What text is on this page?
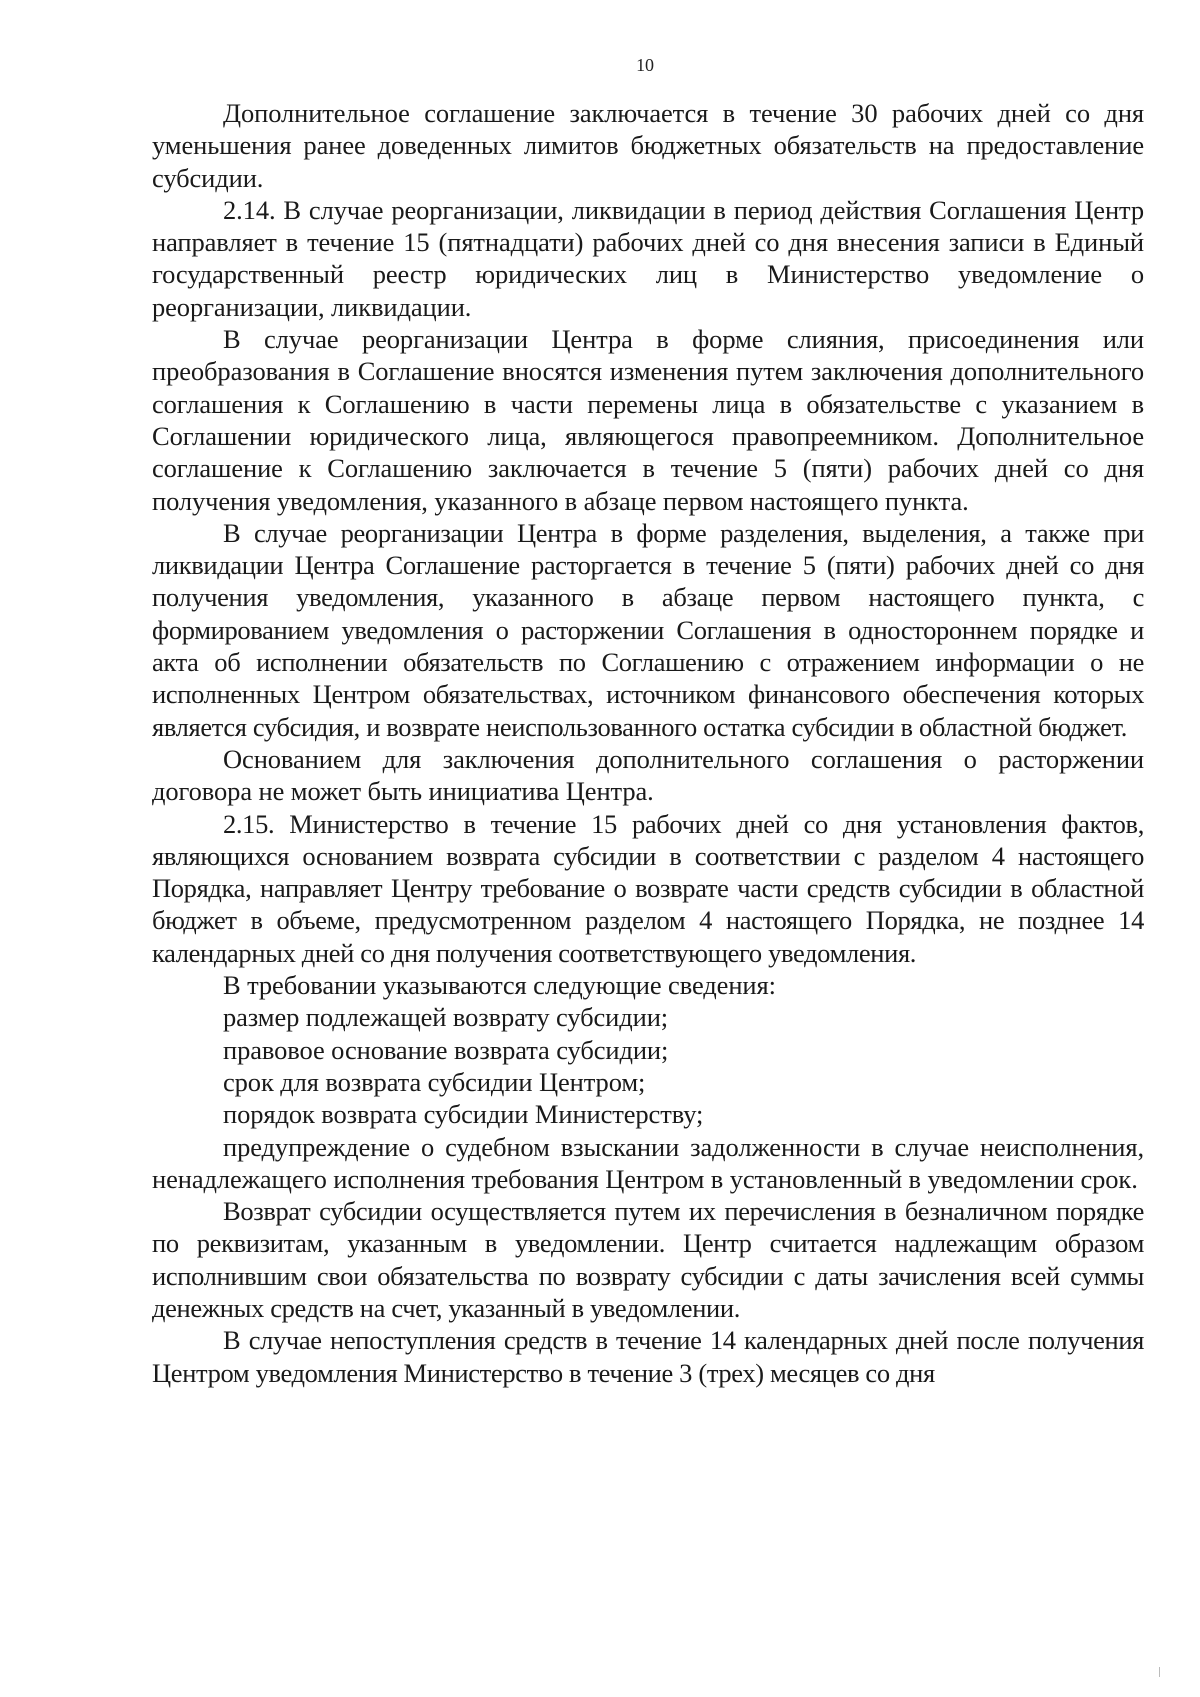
10

Дополнительное соглашение заключается в течение 30 рабочих дней со дня уменьшения ранее доведенных лимитов бюджетных обязательств на предоставление субсидии.

2.14. В случае реорганизации, ликвидации в период действия Соглашения Центр направляет в течение 15 (пятнадцати) рабочих дней со дня внесения записи в Единый государственный реестр юридических лиц в Министерство уведомление о реорганизации, ликвидации.

В случае реорганизации Центра в форме слияния, присоединения или преобразования в Соглашение вносятся изменения путем заключения дополнительного соглашения к Соглашению в части перемены лица в обязательстве с указанием в Соглашении юридического лица, являющегося правопреемником. Дополнительное соглашение к Соглашению заключается в течение 5 (пяти) рабочих дней со дня получения уведомления, указанного в абзаце первом настоящего пункта.

В случае реорганизации Центра в форме разделения, выделения, а также при ликвидации Центра Соглашение расторгается в течение 5 (пяти) рабочих дней со дня получения уведомления, указанного в абзаце первом настоящего пункта, с формированием уведомления о расторжении Соглашения в одностороннем порядке и акта об исполнении обязательств по Соглашению с отражением информации о не исполненных Центром обязательствах, источником финансового обеспечения которых является субсидия, и возврате неиспользованного остатка субсидии в областной бюджет.

Основанием для заключения дополнительного соглашения о расторжении договора не может быть инициатива Центра.

2.15. Министерство в течение 15 рабочих дней со дня установления фактов, являющихся основанием возврата субсидии в соответствии с разделом 4 настоящего Порядка, направляет Центру требование о возврате части средств субсидии в областной бюджет в объеме, предусмотренном разделом 4 настоящего Порядка, не позднее 14 календарных дней со дня получения соответствующего уведомления.

В требовании указываются следующие сведения:

размер подлежащей возврату субсидии;

правовое основание возврата субсидии;

срок для возврата субсидии Центром;

порядок возврата субсидии Министерству;

предупреждение о судебном взыскании задолженности в случае неисполнения, ненадлежащего исполнения требования Центром в установленный в уведомлении срок.

Возврат субсидии осуществляется путем их перечисления в безналичном порядке по реквизитам, указанным в уведомлении. Центр считается надлежащим образом исполнившим свои обязательства по возврату субсидии с даты зачисления всей суммы денежных средств на счет, указанный в уведомлении.

В случае непоступления средств в течение 14 календарных дней после получения Центром уведомления Министерство в течение 3 (трех) месяцев со дня
